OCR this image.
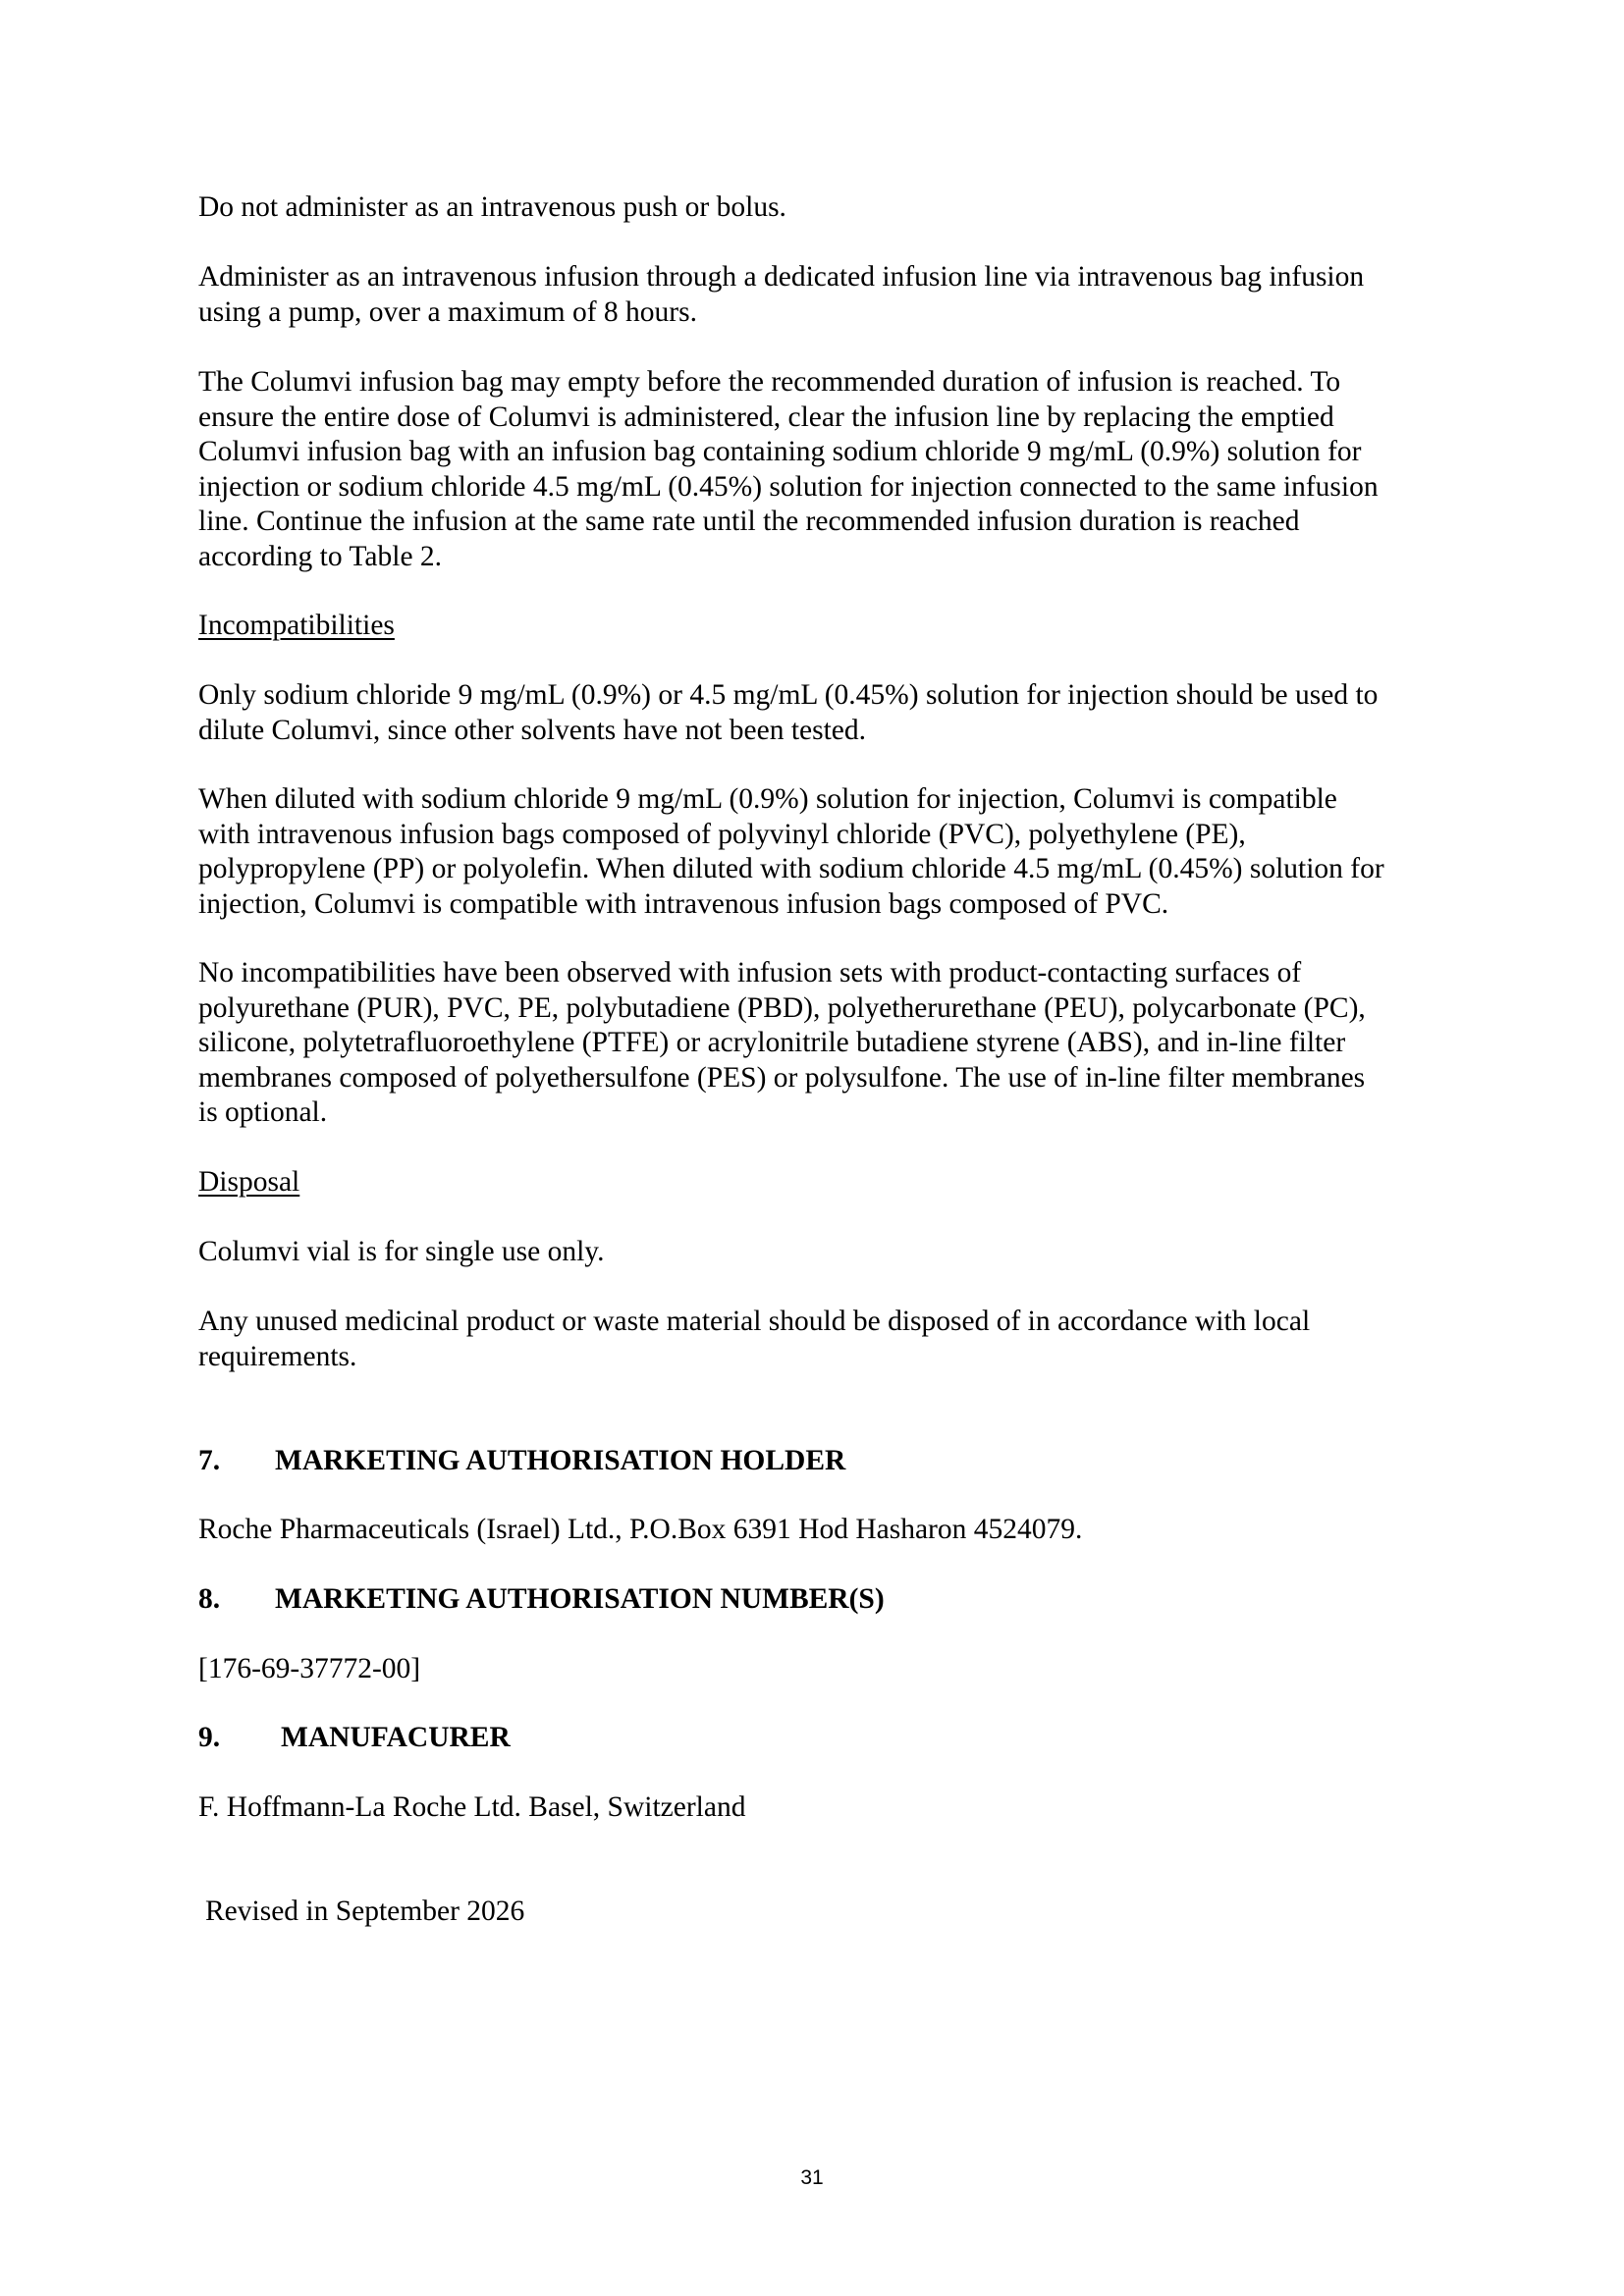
Do not administer as an intravenous push or bolus.
Administer as an intravenous infusion through a dedicated infusion line via intravenous bag infusion
using a pump, over a maximum of 8 hours.
The Columvi infusion bag may empty before the recommended duration of infusion is reached. To
ensure the entire dose of Columvi is administered, clear the infusion line by replacing the emptied
Columvi infusion bag with an infusion bag containing sodium chloride 9 mg/mL (0.9%) solution for
injection or sodium chloride 4.5 mg/mL (0.45%) solution for injection connected to the same infusion
line. Continue the infusion at the same rate until the recommended infusion duration is reached
according to Table 2.
Incompatibilities
Only sodium chloride 9 mg/mL (0.9%) or 4.5 mg/mL (0.45%) solution for injection should be used to
dilute Columvi, since other solvents have not been tested.
When diluted with sodium chloride 9 mg/mL (0.9%) solution for injection, Columvi is compatible
with intravenous infusion bags composed of polyvinyl chloride (PVC), polyethylene (PE),
polypropylene (PP) or polyolefin. When diluted with sodium chloride 4.5 mg/mL (0.45%) solution for
injection, Columvi is compatible with intravenous infusion bags composed of PVC.
No incompatibilities have been observed with infusion sets with product-contacting surfaces of
polyurethane (PUR), PVC, PE, polybutadiene (PBD), polyetherurethane (PEU), polycarbonate (PC),
silicone, polytetrafluoroethylene (PTFE) or acrylonitrile butadiene styrene (ABS), and in-line filter
membranes composed of polyethersulfone (PES) or polysulfone. The use of in-line filter membranes
is optional.
Disposal
Columvi vial is for single use only.
Any unused medicinal product or waste material should be disposed of in accordance with local
requirements.
7. MARKETING AUTHORISATION HOLDER
Roche Pharmaceuticals (Israel) Ltd., P.O.Box 6391 Hod Hasharon 4524079.
8. MARKETING AUTHORISATION NUMBER(S)
[176-69-37772-00]
9. MANUFACURER
F. Hoffmann-La Roche Ltd. Basel, Switzerland
Revised in September 2026
31
